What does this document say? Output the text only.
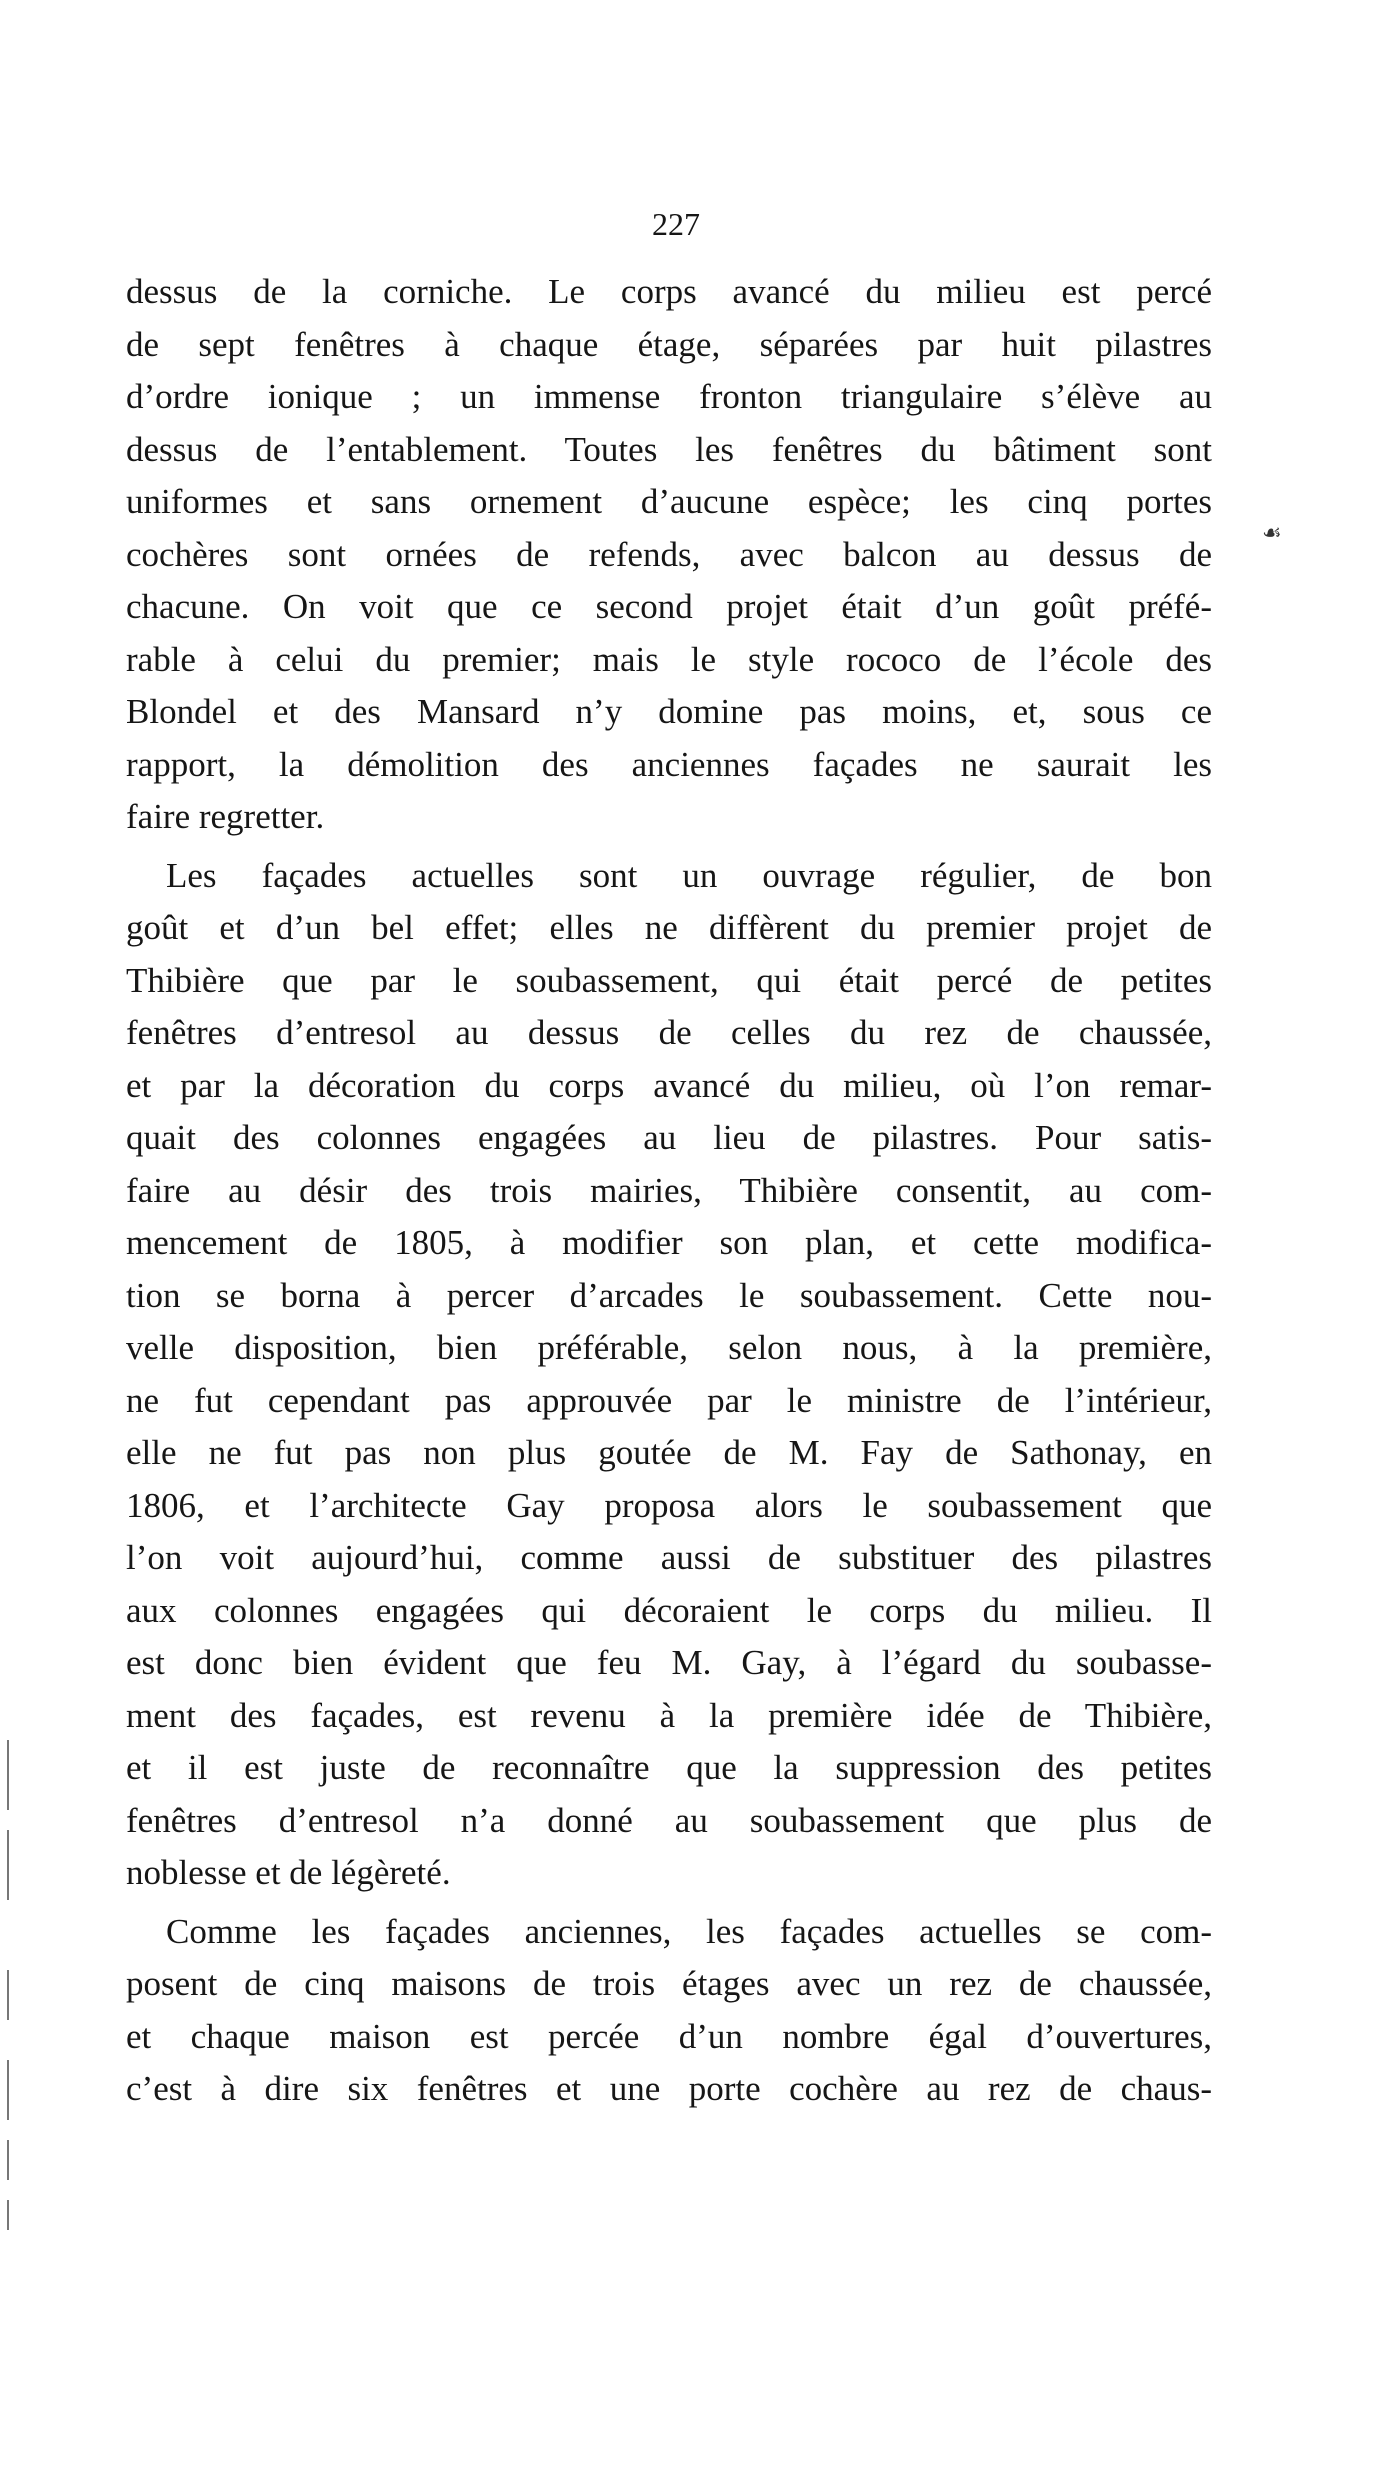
227
dessus de la corniche. Le corps avancé du milieu est percé
de sept fenêtres à chaque étage, séparées par huit pilastres
d’ordre ionique ; un immense fronton triangulaire s’élève au
dessus de l’entablement. Toutes les fenêtres du bâtiment sont
uniformes et sans ornement d’aucune espèce; les cinq portes
cochères sont ornées de refends, avec balcon au dessus de
chacune. On voit que ce second projet était d’un goût préfé-
rable à celui du premier; mais le style rococo de l’école des
Blondel et des Mansard n’y domine pas moins, et, sous ce
rapport, la démolition des anciennes façades ne saurait les
faire regretter.
Les façades actuelles sont un ouvrage régulier, de bon
goût et d’un bel effet; elles ne diffèrent du premier projet de
Thibière que par le soubassement, qui était percé de petites
fenêtres d’entresol au dessus de celles du rez de chaussée,
et par la décoration du corps avancé du milieu, où l’on remar-
quait des colonnes engagées au lieu de pilastres. Pour satis-
faire au désir des trois mairies, Thibière consentit, au com-
mencement de 1805, à modifier son plan, et cette modifica-
tion se borna à percer d’arcades le soubassement. Cette nou-
velle disposition, bien préférable, selon nous, à la première,
ne fut cependant pas approuvée par le ministre de l’intérieur,
elle ne fut pas non plus goutée de M. Fay de Sathonay, en
1806, et l’architecte Gay proposa alors le soubassement que
l’on voit aujourd’hui, comme aussi de substituer des pilastres
aux colonnes engagées qui décoraient le corps du milieu. Il
est donc bien évident que feu M. Gay, à l’égard du soubasse-
ment des façades, est revenu à la première idée de Thibière,
et il est juste de reconnaître que la suppression des petites
fenêtres d’entresol n’a donné au soubassement que plus de
noblesse et de légèreté.
Comme les façades anciennes, les façades actuelles se com-
posent de cinq maisons de trois étages avec un rez de chaussée,
et chaque maison est percée d’un nombre égal d’ouvertures,
c’est à dire six fenêtres et une porte cochère au rez de chaus-
☙
